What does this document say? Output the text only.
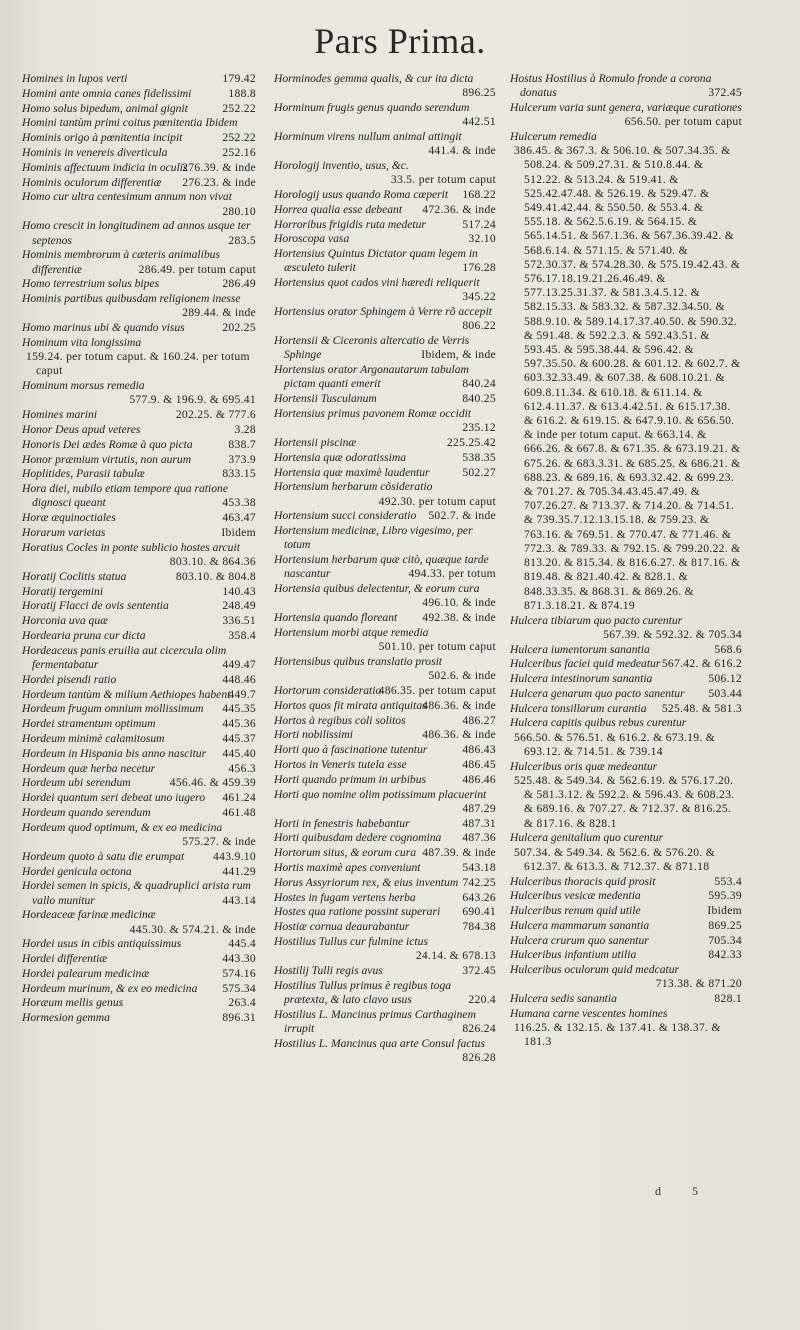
Pars Prima.
Homines in lupos verti	179.42
Homini ante omnia canes fidelissimi	188.8
Homo solus bipedum, animal gignit	252.22
Homini tantùm primi coitus pœnitentia Ibidem
Hominis origo à pœnitentia incipit	252.22
Hominis in venereis diverticula	252.16
Hominis affectuum indicia in oculis
276.39. & inde
Hominis oculorum differentiæ 276.23. & inde
Homo cur ultra centesimum annum non vivat
280.10
Homo crescit in longitudinem ad annos usque ter septenos	283.5
Hominis membrorum à cæteris animalibus differentiæ	286.49. per totum caput
Homo terrestrium solus bipes	286.49
Hominis partibus quibusdam religionem inesse
289.44. & inde
Homo marinus ubi & quando visus	202.25
Hominum vita longissima
159.24. per totum caput. & 160.24. per totum caput
Hominum morsus remedia
577.9. & 196.9. & 695.41
Homines marini	202.25. & 777.6
Honor Deus apud veteres	3.28
Honoris Dei ædes Romæ à quo picta	838.7
Honor præmium virtutis, non aurum	373.9
Hoplitides, Parasii tabulæ	833.15
Hora diei, nubilo etiam tempore qua ratione dignosci queant	453.38
Horæ æquinoctiales	463.47
Horarum varietas	Ibidem
Horatius Cocles in ponte sublicio hostes arcuit
803.10. & 864.36
Horatij Coclitis statua	803.10. & 804.8
Horatij tergemini	140.43
Horatij Flacci de ovis sententia	248.49
Horconia uva quæ	336.51
Hordearia pruna cur dicta	358.4
Hordeaceus panis eruilia aut cicercula olim fermentabatur	449.47
Hordei pisendi ratio	448.46
Hordeum tantùm & milium Aethiopes habent
449.7
Hordeum frugum omnium mollissimum 445.35
Hordei stramentum optimum	445.36
Hordeum minimè calamitosum	445.37
Hordeum in Hispania bis anno nascitur 445.40
Hordeum quæ herba necetur	456.3
Hordeum ubi serendum	456.46. & 459.39
Hordei quantum seri debeat uno iugero 461.24
Hordeum quando serendum	461.48
Hordeum quod optimum, & ex eo medicina
575.27. & inde
Hordeum quoto à satu die erumpat 443.9.10
Hordei genicula octona	441.29
Hordei semen in spicis, & quadruplici arista rum vallo munitur	443.14
Hordeaceæ farinæ medicinæ
445.30. & 574.21. & inde
Hordei usus in cibis antiquissimus	445.4
Hordei differentiæ	443.30
Hordei palearum medicinæ	574.16
Hordeum murinum, & ex eo medicina 575.34
Horæum mellis genus	263.4
Hormesion gemma	896.31
Horminodes gemma qualis, & cur ita dicta
896.25
Horminum frugis genus quando serendum
442.51
Horminum virens nullum animal attingit
441.4. & inde
Horologij inventio, usus, &c.
33.5. per totum caput
Horologij usus quando Roma cœperit 168.22
Horrea qualia esse debeant 472.36. & inde
Horroribus frigidis ruta medetur	517.24
Horoscopa vasa	32.10
Hortensius Quintus Dictator quam legem in æsculeto tulerit	176.28
Hortensius quot cados vini hæredi reliquerit
345.22
Hortensius orator Sphingem à Verre rõ accepit
806.22
Hortensii & Ciceronis altercatio de Verris Sphinge	Ibidem, & inde
Hortensius orator Argonautarum tabulam pictam quanti emerit	840.24
Hortensii Tusculanum	840.25
Hortensius primus pavonem Romæ occidit
235.12
Hortensii piscinæ	225.25.42
Hortensia quæ odoratissima	538.35
Hortensia quæ maximè laudentur	502.27
Hortensium herbarum cõsideratio
492.30. per totum caput
Hortensium succi consideratio 502.7. & inde
Hortensium medicinæ, Libro vigesimo, per totum
Hortensium herbarum quæ citò, quæque tarde nascantur	494.33. per totum
Hortensia quibus delectentur, & eorum cura
496.10. & inde
Hortensia quando floreant 492.38. & inde
Hortensium morbi atque remedia
501.10. per totum caput
Hortensibus quibus translatio prosit
502.6. & inde
Hortorum consideratio
486.35. per totum caput
Hortos quos fit mirata antiquitas
486.36. & inde
Hortos à regibus coli solitos	486.27
Horti nobilissimi	486.36. & inde
Horti quo à fascinatione tutentur	486.43
Hortos in Veneris tutela esse	486.45
Horti quando primum in urbibus	486.46
Horti quo nomine olim potissimum placuerint
487.29
Horti in fenestris habebantur	487.31
Horti quibusdam dedere cognomina 487.36
Hortorum situs, & eorum cura 487.39. & inde
Hortis maximè apes conveniunt	543.18
Horus Assyriorum rex, & eius inventum 742.25
Hostes in fugam vertens herba	643.26
Hostes qua ratione possint superari 690.41
Hostiæ cornua deaurabantur	784.38
Hostilius Tullus cur fulmine ictus
24.14. & 678.13
Hostilij Tulli regis avus	372.45
Hostilius Tullus primus è regibus toga prætexta, & lato clavo usus	220.4
Hostilius L. Mancinus primus Carthaginem irrupit	826.24
Hostilius L. Mancinus qua arte Consul factus
826.28
Hostus Hostilius à Romulo fronde a corona donatus	372.45
Hulcerum varia sunt genera, variæque curationes
656.50. per totum caput
Hulcerum remedia
386.45. & 367.3. & 506.10. & 507.34.35. & 508.24. & 509.27.31. & 510.8.44. & 512.22. & 513.24. & 519.41. & 525.42.47.48. & 526.19. & 529.47. & 549.41.42.44. & 550.50. & 553.4. & 555.18. & 562.5.6.19. & 564.15. & 565.14.51. & 567.1.36. & 567.36.39.42. & 568.6.14. & 571.15. & 571.40. & 572.30.37. & 574.28.30. & 575.19.42.43. & 576.17.18.19.21.26.46.49. & 577.13.25.31.37. & 581.3.4.5.12. & 582.15.33. & 583.32. & 587.32.34.50. & 588.9.10. & 589.14.17.37.40.50. & 590.32. & 591.48. & 592.2.3. & 592.43.51. & 593.45. & 595.38.44. & 596.42. & 597.35.50. & 600.28. & 601.12. & 602.7. & 603.32.33.49. & 607.38. & 608.10.21. & 609.8.11.34. & 610.18. & 611.14. & 612.4.11.37. & 613.4.42.51. & 615.17.38. & 616.2. & 619.15. & 647.9.10. & 656.50. & inde per totum caput. & 663.14. & 666.26. & 667.8. & 671.35. & 673.19.21. & 675.26. & 683.3.31. & 685.25. & 686.21. & 688.23. & 689.16. & 693.32.42. & 699.23. & 701.27. & 705.34.43.45.47.49. & 707.26.27. & 713.37. & 714.20. & 714.51. & 739.35.7.12.13.15.18. & 759.23. & 763.16. & 769.51. & 770.47. & 771.46. & 772.3. & 789.33. & 792.15. & 799.20.22. & 813.20. & 815.34. & 816.6.27. & 817.16. & 819.48. & 821.40.42. & 828.1. & 848.33.35. & 868.31. & 869.26. & 871.3.18.21. & 874.19
Hulcera tibiarum quo pacto curentur
567.39. & 592.32. & 705.34
Hulcera iumentorum sanantia	568.6
Hulceribus faciei quid medeatur 567.42. & 616.2
Hulcera intestinorum sanantia	506.12
Hulcera genarum quo pacto sanentur 503.44
Hulcera tonsillarum curantia 525.48. & 581.3
Hulcera capitis quibus rebus curentur
566.50. & 576.51. & 616.2. & 673.19. & 693.12. & 714.51. & 739.14
Hulceribus oris quæ medeantur
525.48. & 549.34. & 562.6.19. & 576.17.20. & 581.3.12. & 592.2. & 596.43. & 608.23. & 689.16. & 707.27. & 712.37. & 816.25. & 817.16. & 828.1
Hulcera genitalium quo curentur
507.34. & 549.34. & 562.6. & 576.20. & 612.37. & 613.3. & 712.37. & 871.18
Hulceribus thoracis quid prosit	553.4
Hulceribus vesicæ medentia	595.39
Hulceribus renum quid utile	Ibidem
Hulcera mammarum sanantia	869.25
Hulcera crurum quo sanentur	705.34
Hulceribus infantium utilia	842.33
Hulceribus oculorum quid medcatur
713.38. & 871.20
Hulcera sedis sanantia	828.1
Humana carne vescentes homines
116.25. & 132.15. & 137.41. & 138.37. & 181.3
d 5
